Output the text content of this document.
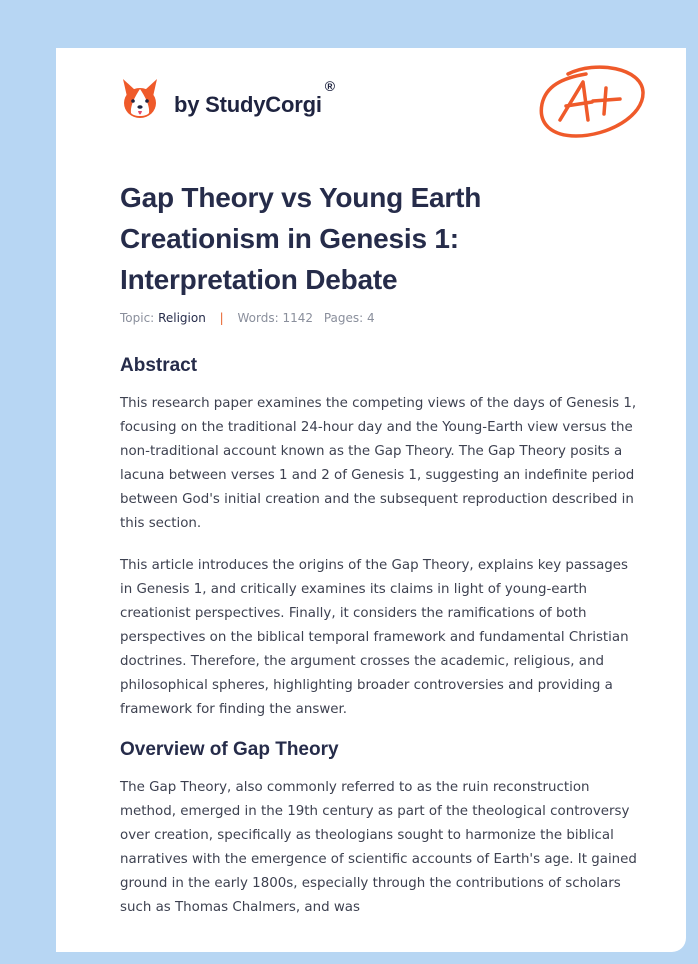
by StudyCorgi
®
Gap Theory vs Young Earth Creationism in Genesis 1: Interpretation Debate
Topic: Religion | Words: 1142 Pages: 4
Abstract

This research paper examines the competing views of the days of Genesis 1, focusing on the traditional 24-hour day and the Young-Earth view versus the non-traditional account known as the Gap Theory. The Gap Theory posits a lacuna between verses 1 and 2 of Genesis 1, suggesting an indefinite period between God's initial creation and the subsequent reproduction described in this section.

This article introduces the origins of the Gap Theory, explains key passages in Genesis 1, and critically examines its claims in light of young-earth creationist perspectives. Finally, it considers the ramifications of both perspectives on the biblical temporal framework and fundamental Christian doctrines. Therefore, the argument crosses the academic, religious, and philosophical spheres, highlighting broader controversies and providing a framework for finding the answer.

Overview of Gap Theory

The Gap Theory, also commonly referred to as the ruin reconstruction method, emerged in the 19th century as part of the theological controversy over creation, specifically as theologians sought to harmonize the biblical narratives with the emergence of scientific accounts of Earth's age. It gained ground in the early 1800s, especially through the contributions of scholars such as Thomas Chalmers, and was
